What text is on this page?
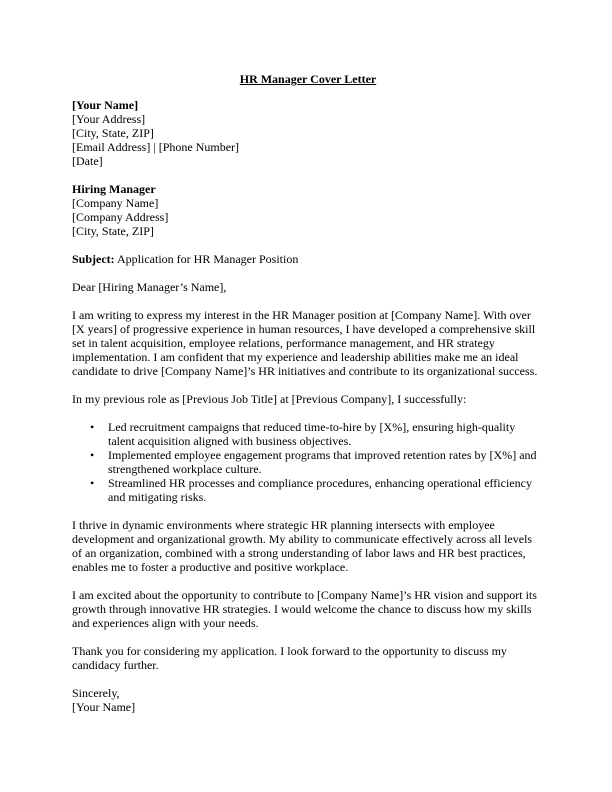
HR Manager Cover Letter
[Your Name]
[Your Address]
[City, State, ZIP]
[Email Address] | [Phone Number]
[Date]
Hiring Manager
[Company Name]
[Company Address]
[City, State, ZIP]

Subject: Application for HR Manager Position

Dear [Hiring Manager’s Name],

I am writing to express my interest in the HR Manager position at [Company Name]. With over [X years] of progressive experience in human resources, I have developed a comprehensive skill set in talent acquisition, employee relations, performance management, and HR strategy implementation. I am confident that my experience and leadership abilities make me an ideal candidate to drive [Company Name]’s HR initiatives and contribute to its organizational success.

In my previous role as [Previous Job Title] at [Previous Company], I successfully:

• Led recruitment campaigns that reduced time-to-hire by [X%], ensuring high-quality talent acquisition aligned with business objectives.
• Implemented employee engagement programs that improved retention rates by [X%] and strengthened workplace culture.
• Streamlined HR processes and compliance procedures, enhancing operational efficiency and mitigating risks.

I thrive in dynamic environments where strategic HR planning intersects with employee development and organizational growth. My ability to communicate effectively across all levels of an organization, combined with a strong understanding of labor laws and HR best practices, enables me to foster a productive and positive workplace.

I am excited about the opportunity to contribute to [Company Name]’s HR vision and support its growth through innovative HR strategies. I would welcome the chance to discuss how my skills and experiences align with your needs.

Thank you for considering my application. I look forward to the opportunity to discuss my candidacy further.

Sincerely,
[Your Name]
